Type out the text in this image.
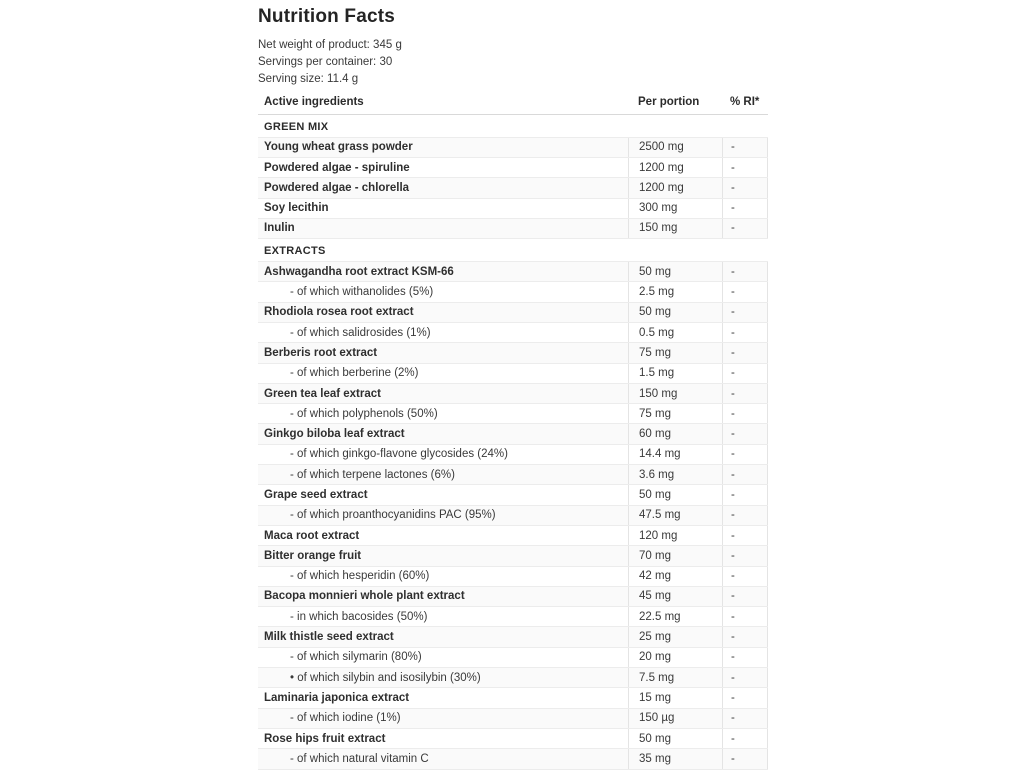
Nutrition Facts
Net weight of product: 345 g
Servings per container: 30
Serving size: 11.4 g
Active ingredients	Per portion	% RI*
GREEN MIX
Young wheat grass powder	2500 mg	-
Powdered algae - spiruline	1200 mg	-
Powdered algae - chlorella	1200 mg	-
Soy lecithin	300 mg	-
Inulin	150 mg	-
EXTRACTS
Ashwagandha root extract KSM-66	50 mg	-
- of which withanolides (5%)	2.5 mg	-
Rhodiola rosea root extract	50 mg	-
- of which salidrosides (1%)	0.5 mg	-
Berberis root extract	75 mg	-
- of which berberine (2%)	1.5 mg	-
Green tea leaf extract	150 mg	-
- of which polyphenols (50%)	75 mg	-
Ginkgo biloba leaf extract	60 mg	-
- of which ginkgo-flavone glycosides (24%)	14.4 mg	-
- of which terpene lactones (6%)	3.6 mg	-
Grape seed extract	50 mg	-
- of which proanthocyanidins PAC (95%)	47.5 mg	-
Maca root extract	120 mg	-
Bitter orange fruit	70 mg	-
- of which hesperidin (60%)	42 mg	-
Bacopa monnieri whole plant extract	45 mg	-
- in which bacosides (50%)	22.5 mg	-
Milk thistle seed extract	25 mg	-
- of which silymarin (80%)	20 mg	-
• of which silybin and isosilybin (30%)	7.5 mg	-
Laminaria japonica extract	15 mg	-
- of which iodine (1%)	150 µg	-
Rose hips fruit extract	50 mg	-
- of which natural vitamin C	35 mg	-
